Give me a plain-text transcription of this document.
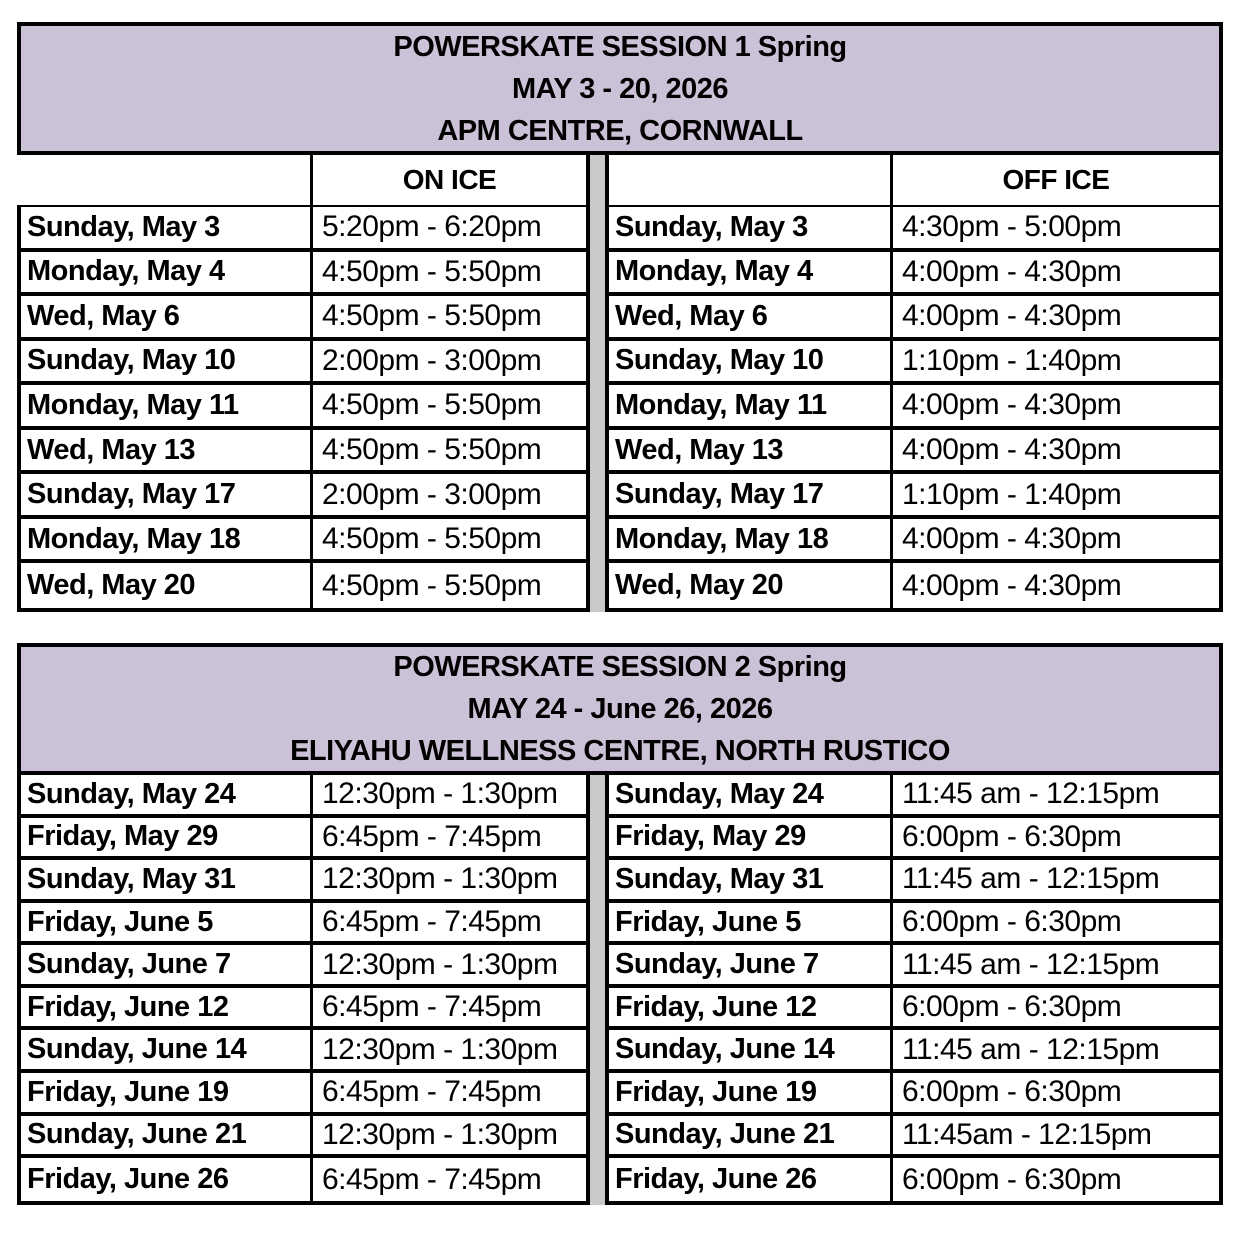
POWERSKATE SESSION 1 Spring
MAY 3 - 20, 2026
APM CENTRE, CORNWALL
ON ICE
Sunday, May 3	5:20pm - 6:20pm
Monday, May 4	4:50pm - 5:50pm
Wed, May 6	4:50pm - 5:50pm
Sunday, May 10	2:00pm - 3:00pm
Monday, May 11	4:50pm - 5:50pm
Wed, May 13	4:50pm - 5:50pm
Sunday, May 17	2:00pm - 3:00pm
Monday, May 18	4:50pm - 5:50pm
Wed, May 20	4:50pm - 5:50pm
OFF ICE
Sunday, May 3	4:30pm - 5:00pm
Monday, May 4	4:00pm - 4:30pm
Wed, May 6	4:00pm - 4:30pm
Sunday, May 10	1:10pm - 1:40pm
Monday, May 11	4:00pm - 4:30pm
Wed, May 13	4:00pm - 4:30pm
Sunday, May 17	1:10pm - 1:40pm
Monday, May 18 4:00pm - 4:30pm
Wed, May 20	4:00pm - 4:30pm
POWERSKATE SESSION 2 Spring
MAY 24 - June 26, 2026
ELIYAHU WELLNESS CENTRE, NORTH RUSTICO
Sunday, May 24	12:30pm - 1:30pm
Friday, May 29	6:45pm - 7:45pm
Sunday, May 31	12:30pm - 1:30pm
Friday, June 5	6:45pm - 7:45pm
Sunday, June 7	12:30pm - 1:30pm
Friday, June 12	6:45pm - 7:45pm
Sunday, June 14	12:30pm - 1:30pm
Friday, June 19	6:45pm - 7:45pm
Sunday, June 21	12:30pm - 1:30pm
Friday, June 26	6:45pm - 7:45pm
Sunday, May 24	11:45 am - 12:15pm
Friday, May 29	6:00pm - 6:30pm
Sunday, May 31	11:45 am - 12:15pm
Friday, June 5	6:00pm - 6:30pm
Sunday, June 7	11:45 am - 12:15pm
Friday, June 12	6:00pm - 6:30pm
Sunday, June 14 11:45 am - 12:15pm
Friday, June 19	6:00pm - 6:30pm
Sunday, June 21 11:45am - 12:15pm
Friday, June 26	6:00pm - 6:30pm
